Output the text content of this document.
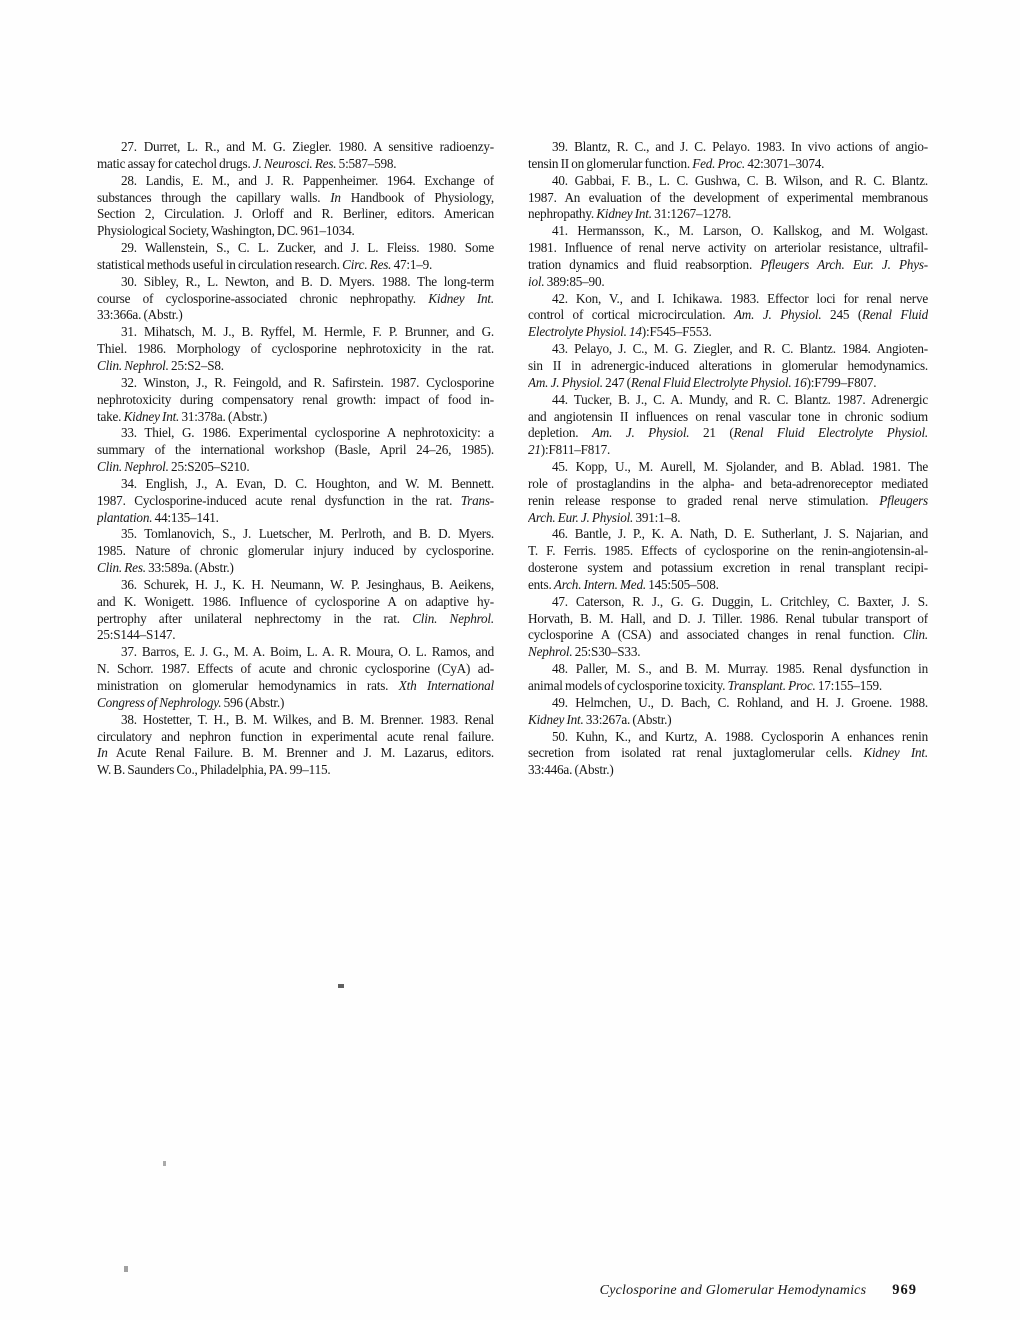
27. Durret, L. R., and M. G. Ziegler. 1980. A sensitive radioenzy-
matic assay for catechol drugs. J. Neurosci. Res. 5:587–598.
28. Landis, E. M., and J. R. Pappenheimer. 1964. Exchange of
substances through the capillary walls. In Handbook of Physiology,
Section 2, Circulation. J. Orloff and R. Berliner, editors. American
Physiological Society, Washington, DC. 961–1034.
29. Wallenstein, S., C. L. Zucker, and J. L. Fleiss. 1980. Some
statistical methods useful in circulation research. Circ. Res. 47:1–9.
30. Sibley, R., L. Newton, and B. D. Myers. 1988. The long-term
course of cyclosporine-associated chronic nephropathy. Kidney Int.
33:366a. (Abstr.)
31. Mihatsch, M. J., B. Ryffel, M. Hermle, F. P. Brunner, and G.
Thiel. 1986. Morphology of cyclosporine nephrotoxicity in the rat.
Clin. Nephrol. 25:S2–S8.
32. Winston, J., R. Feingold, and R. Safirstein. 1987. Cyclosporine
nephrotoxicity during compensatory renal growth: impact of food in-
take. Kidney Int. 31:378a. (Abstr.)
33. Thiel, G. 1986. Experimental cyclosporine A nephrotoxicity: a
summary of the international workshop (Basle, April 24–26, 1985).
Clin. Nephrol. 25:S205–S210.
34. English, J., A. Evan, D. C. Houghton, and W. M. Bennett.
1987. Cyclosporine-induced acute renal dysfunction in the rat. Trans-
plantation. 44:135–141.
35. Tomlanovich, S., J. Luetscher, M. Perlroth, and B. D. Myers.
1985. Nature of chronic glomerular injury induced by cyclosporine.
Clin. Res. 33:589a. (Abstr.)
36. Schurek, H. J., K. H. Neumann, W. P. Jesinghaus, B. Aeikens,
and K. Wonigett. 1986. Influence of cyclosporine A on adaptive hy-
pertrophy after unilateral nephrectomy in the rat. Clin. Nephrol.
25:S144–S147.
37. Barros, E. J. G., M. A. Boim, L. A. R. Moura, O. L. Ramos, and
N. Schorr. 1987. Effects of acute and chronic cyclosporine (CyA) ad-
ministration on glomerular hemodynamics in rats. Xth International
Congress of Nephrology. 596 (Abstr.)
38. Hostetter, T. H., B. M. Wilkes, and B. M. Brenner. 1983. Renal
circulatory and nephron function in experimental acute renal failure.
In Acute Renal Failure. B. M. Brenner and J. M. Lazarus, editors.
W. B. Saunders Co., Philadelphia, PA. 99–115.
39. Blantz, R. C., and J. C. Pelayo. 1983. In vivo actions of angio-
tensin II on glomerular function. Fed. Proc. 42:3071–3074.
40. Gabbai, F. B., L. C. Gushwa, C. B. Wilson, and R. C. Blantz.
1987. An evaluation of the development of experimental membranous
nephropathy. Kidney Int. 31:1267–1278.
41. Hermansson, K., M. Larson, O. Kallskog, and M. Wolgast.
1981. Influence of renal nerve activity on arteriolar resistance, ultrafil-
tration dynamics and fluid reabsorption. Pfleugers Arch. Eur. J. Phys-
iol. 389:85–90.
42. Kon, V., and I. Ichikawa. 1983. Effector loci for renal nerve
control of cortical microcirculation. Am. J. Physiol. 245 (Renal Fluid
Electrolyte Physiol. 14):F545–F553.
43. Pelayo, J. C., M. G. Ziegler, and R. C. Blantz. 1984. Angioten-
sin II in adrenergic-induced alterations in glomerular hemodynamics.
Am. J. Physiol. 247 (Renal Fluid Electrolyte Physiol. 16):F799–F807.
44. Tucker, B. J., C. A. Mundy, and R. C. Blantz. 1987. Adrenergic
and angiotensin II influences on renal vascular tone in chronic sodium
depletion. Am. J. Physiol. 21 (Renal Fluid Electrolyte Physiol.
21):F811–F817.
45. Kopp, U., M. Aurell, M. Sjolander, and B. Ablad. 1981. The
role of prostaglandins in the alpha- and beta-adrenoreceptor mediated
renin release response to graded renal nerve stimulation. Pfleugers
Arch. Eur. J. Physiol. 391:1–8.
46. Bantle, J. P., K. A. Nath, D. E. Sutherlant, J. S. Najarian, and
T. F. Ferris. 1985. Effects of cyclosporine on the renin-angiotensin-al-
dosterone system and potassium excretion in renal transplant recipi-
ents. Arch. Intern. Med. 145:505–508.
47. Caterson, R. J., G. G. Duggin, L. Critchley, C. Baxter, J. S.
Horvath, B. M. Hall, and D. J. Tiller. 1986. Renal tubular transport of
cyclosporine A (CSA) and associated changes in renal function. Clin.
Nephrol. 25:S30–S33.
48. Paller, M. S., and B. M. Murray. 1985. Renal dysfunction in
animal models of cyclosporine toxicity. Transplant. Proc. 17:155–159.
49. Helmchen, U., D. Bach, C. Rohland, and H. J. Groene. 1988.
Kidney Int. 33:267a. (Abstr.)
50. Kuhn, K., and Kurtz, A. 1988. Cyclosporin A enhances renin
secretion from isolated rat renal juxtaglomerular cells. Kidney Int.
33:446a. (Abstr.)
Cyclosporine and Glomerular Hemodynamics 969
